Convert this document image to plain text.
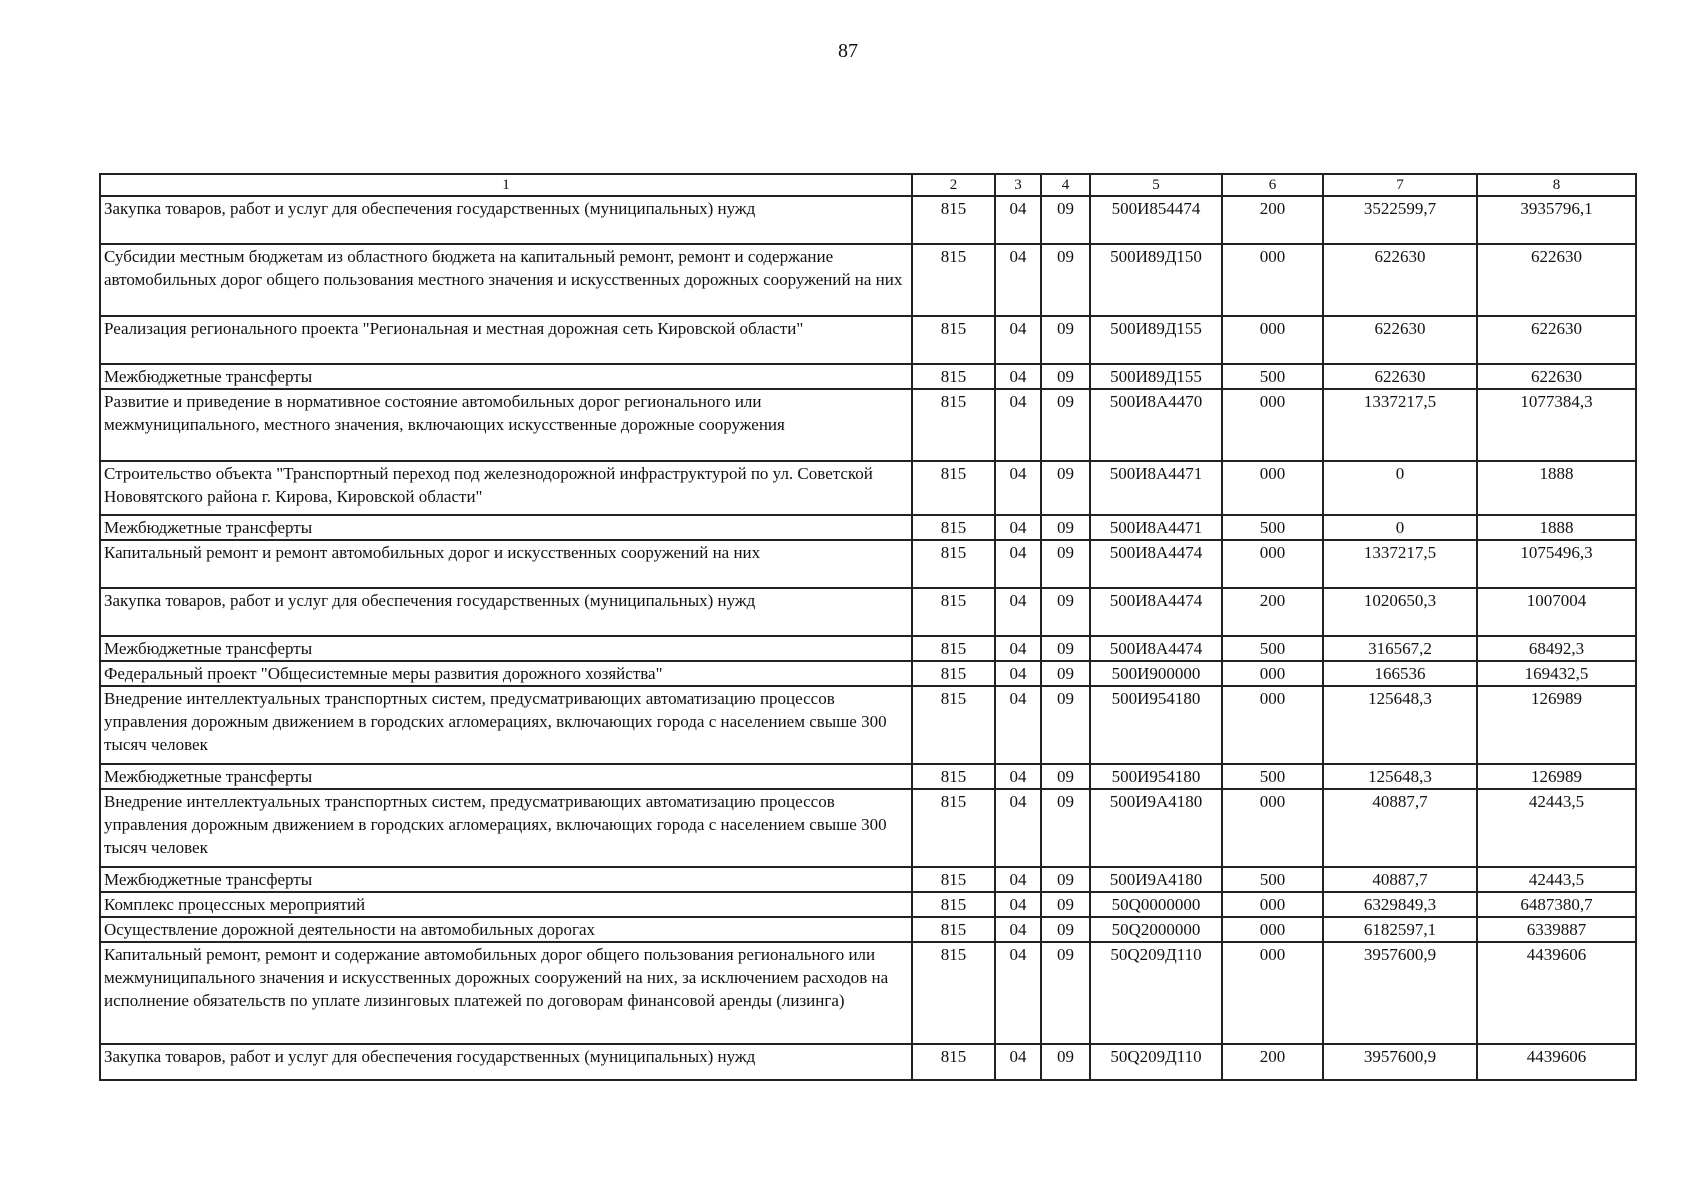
87
1	2	3	4	5	6	7	8
Закупка товаров, работ и услуг для обеспечения государственных (муниципальных) нужд	815	04	09	500И854474	200	3522599,7	3935796,1
Субсидии местным бюджетам из областного бюджета на капитальный ремонт, ремонт и содержание автомобильных дорог общего пользования местного значения и искусственных дорожных сооружений на них	815	04	09	500И89Д150	000	622630	622630
Реализация регионального проекта "Региональная и местная дорожная сеть Кировской области"	815	04	09	500И89Д155	000	622630	622630
Межбюджетные трансферты	815	04	09	500И89Д155	500	622630	622630
Развитие и приведение в нормативное состояние автомобильных дорог регионального или межмуниципального, местного значения, включающих искусственные дорожные сооружения	815	04	09	500И8А4470	000	1337217,5	1077384,3
Строительство объекта "Транспортный переход под железнодорожной инфраструктурой по ул. Советской Нововятского района г. Кирова, Кировской области"	815	04	09	500И8А4471	000	0	1888
Межбюджетные трансферты	815	04	09	500И8А4471	500	0	1888
Капитальный ремонт и ремонт автомобильных дорог и искусственных сооружений на них	815	04	09	500И8А4474	000	1337217,5	1075496,3
Закупка товаров, работ и услуг для обеспечения государственных (муниципальных) нужд	815	04	09	500И8А4474	200	1020650,3	1007004
Межбюджетные трансферты	815	04	09	500И8А4474	500	316567,2	68492,3
Федеральный проект "Общесистемные меры развития дорожного хозяйства"	815	04	09	500И900000	000	166536	169432,5
Внедрение интеллектуальных транспортных систем, предусматривающих автоматизацию процессов управления дорожным движением в городских агломерациях, включающих города с населением свыше 300 тысяч человек	815	04	09	500И954180	000	125648,3	126989
Межбюджетные трансферты	815	04	09	500И954180	500	125648,3	126989
Внедрение интеллектуальных транспортных систем, предусматривающих автоматизацию процессов управления дорожным движением в городских агломерациях, включающих города с населением свыше 300 тысяч человек	815	04	09	500И9А4180	000	40887,7	42443,5
Межбюджетные трансферты	815	04	09	500И9А4180	500	40887,7	42443,5
Комплекс процессных мероприятий	815	04	09	50Q0000000	000	6329849,3	6487380,7
Осуществление дорожной деятельности на автомобильных дорогах	815	04	09	50Q2000000	000	6182597,1	6339887
Капитальный ремонт, ремонт и содержание автомобильных дорог общего пользования регионального или межмуниципального значения и искусственных дорожных сооружений на них, за исключением расходов на исполнение обязательств по уплате лизинговых платежей по договорам финансовой аренды (лизинга)	815	04	09	50Q209Д110	000	3957600,9	4439606
Закупка товаров, работ и услуг для обеспечения государственных (муниципальных) нужд	815	04	09	50Q209Д110	200	3957600,9	4439606
